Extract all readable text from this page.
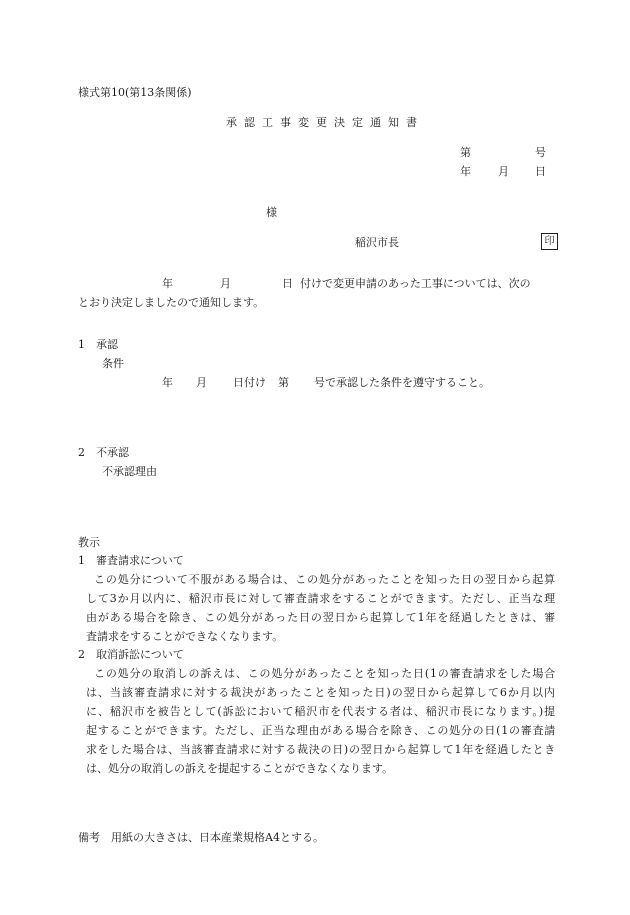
様式第10(第13条関係)
承認工事変更決定通知書
第	号
年 月 日
様
稲沢市長	印
年	月	日 付けで変更申請のあった工事については、次の
とおり決定しましたので通知します。
1　承認
条件
年 月 日付け 第 号で承認した条件を遵守すること。
2　不承認
不承認理由
教示
1　審査請求について
この処分について不服がある場合は、この処分があったことを知った日の翌日から起算
して3か月以内に、稲沢市長に対して審査請求をすることができます。ただし、正当な理
由がある場合を除き、この処分があった日の翌日から起算して1年を経過したときは、審
査請求をすることができなくなります。
2　取消訴訟について
この処分の取消しの訴えは、この処分があったことを知った日(1の審査請求をした場合
は、当該審査請求に対する裁決があったことを知った日)の翌日から起算して6か月以内
に、稲沢市を被告として(訴訟において稲沢市を代表する者は、稲沢市長になります。)提
起することができます。ただし、正当な理由がある場合を除き、この処分の日(1の審査請
求をした場合は、当該審査請求に対する裁決の日)の翌日から起算して1年を経過したとき
は、処分の取消しの訴えを提起することができなくなります。
備考　用紙の大きさは、日本産業規格A4とする。
